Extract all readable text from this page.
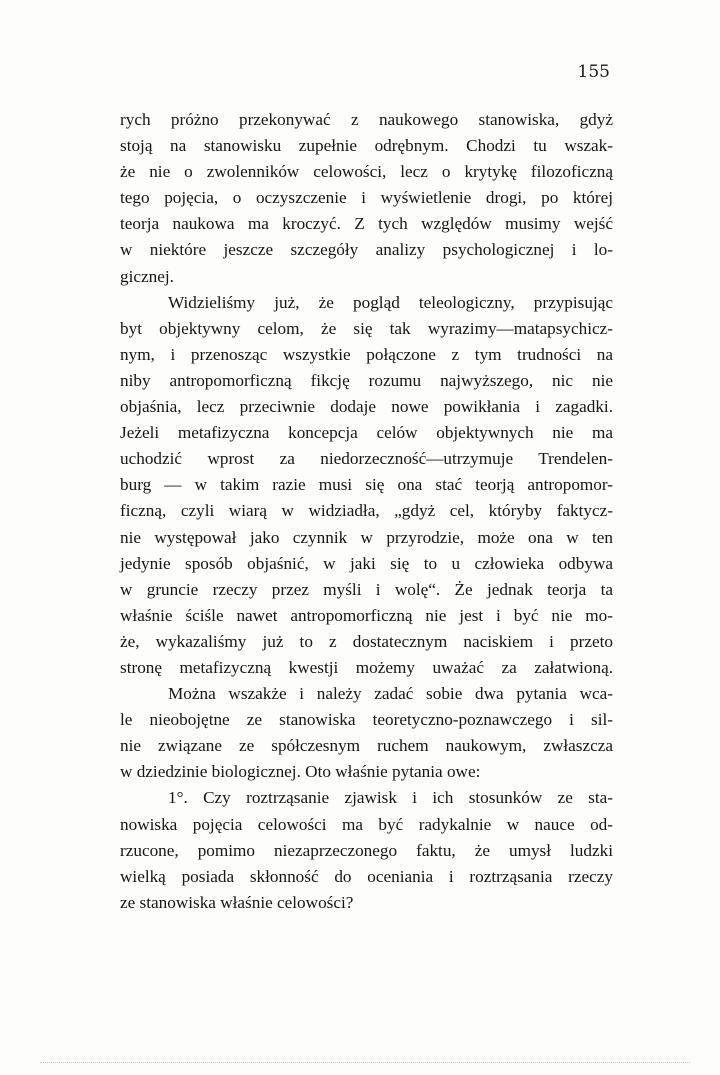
155
rych próżno przekonywać z naukowego stanowiska, gdyż
stoją na stanowisku zupełnie odrębnym. Chodzi tu wszak-
że nie o zwolenników celowości, lecz o krytykę filozoficzną
tego pojęcia, o oczyszczenie i wyświetlenie drogi, po której
teorja naukowa ma kroczyć. Z tych względów musimy wejść
w niektóre jeszcze szczegóły analizy psychologicznej i lo-
gicznej.
Widzieliśmy już, że pogląd teleologiczny, przypisując
byt objektywny celom, że się tak wyrazimy—matapsychicz-
nym, i przenosząc wszystkie połączone z tym trudności na
niby antropomorficzną fikcję rozumu najwyższego, nic nie
objaśnia, lecz przeciwnie dodaje nowe powikłania i zagadki.
Jeżeli metafizyczna koncepcja celów objektywnych nie ma
uchodzić wprost za niedorzeczność—utrzymuje Trendelen-
burg — w takim razie musi się ona stać teorją antropomor-
ficzną, czyli wiarą w widziadła, „gdyż cel, któryby faktycz-
nie występował jako czynnik w przyrodzie, może ona w ten
jedynie sposób objaśnić, w jaki się to u człowieka odbywa
w gruncie rzeczy przez myśli i wolę“. Że jednak teorja ta
właśnie ściśle nawet antropomorficzną nie jest i być nie mo-
że, wykazaliśmy już to z dostatecznym naciskiem i przeto
stronę metafizyczną kwestji możemy uważać za załatwioną.
Można wszakże i należy zadać sobie dwa pytania wca-
le nieobojętne ze stanowiska teoretyczno-poznawczego i sil-
nie związane ze spółczesnym ruchem naukowym, zwłaszcza
w dziedzinie biologicznej. Oto właśnie pytania owe:
1°. Czy roztrząsanie zjawisk i ich stosunków ze sta-
nowiska pojęcia celowości ma być radykalnie w nauce od-
rzucone, pomimo niezaprzeczonego faktu, że umysł ludzki
wielką posiada skłonność do oceniania i roztrząsania rzeczy
ze stanowiska właśnie celowości?
